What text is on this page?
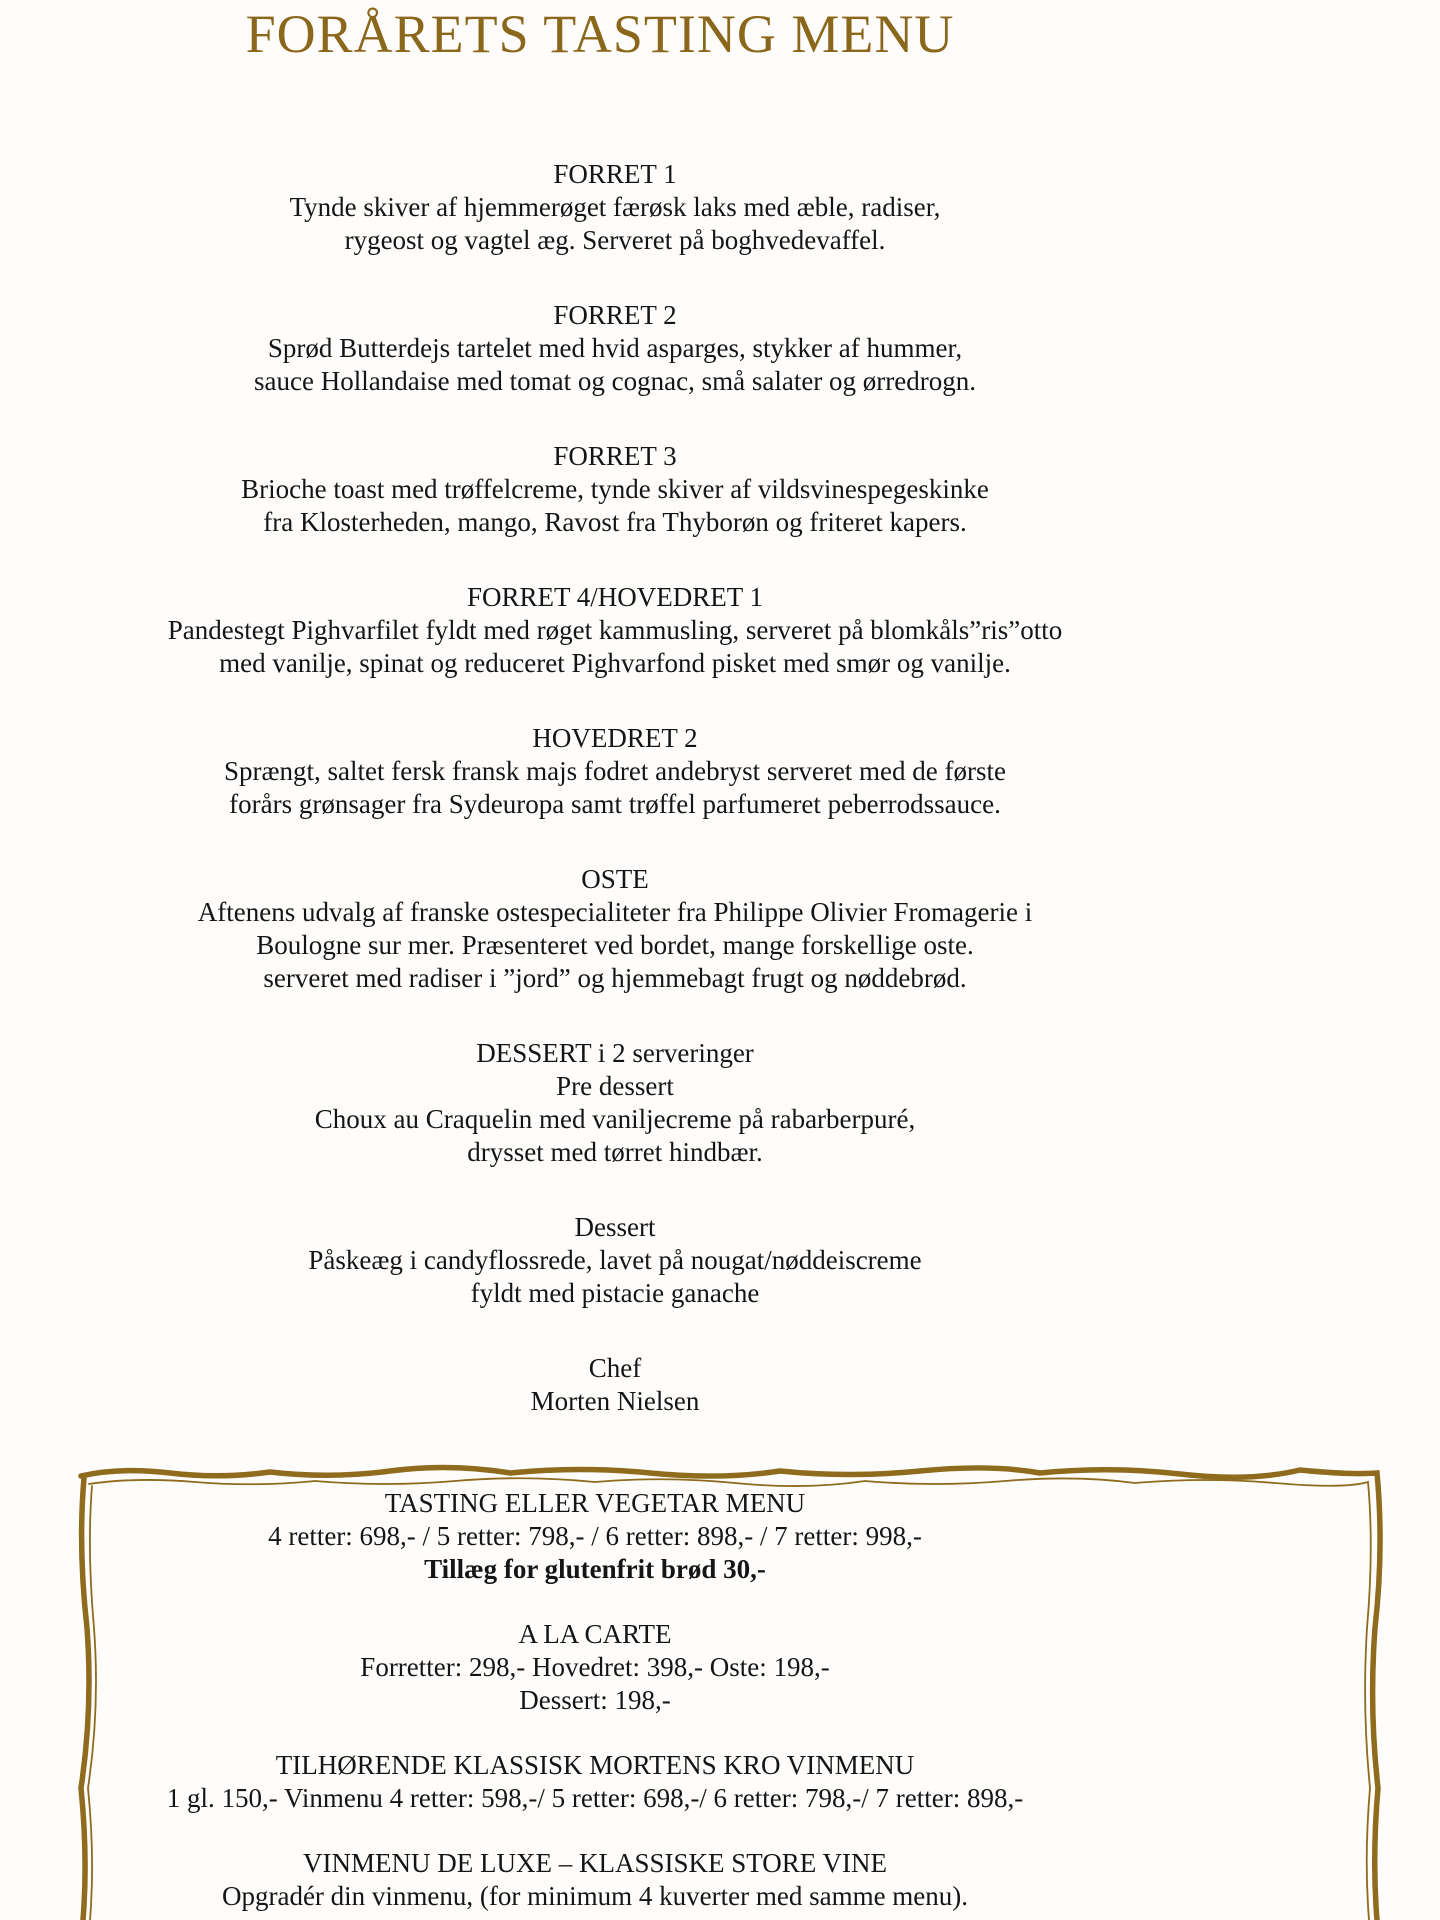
FORÅRETS TASTING MENU
FORRET 1
Tynde skiver af hjemmerøget færøsk laks med æble, radiser,
rygeost og vagtel æg. Serveret på boghvedevaffel.
FORRET 2
Sprød Butterdejs tartelet med hvid asparges, stykker af hummer,
sauce Hollandaise med tomat og cognac, små salater og ørredrogn.
FORRET 3
Brioche toast med trøffelcreme, tynde skiver af vildsvinespegeskinke
fra Klosterheden, mango, Ravost fra Thyborøn og friteret kapers.
FORRET 4/HOVEDRET 1
Pandestegt Pighvarfilet fyldt med røget kammusling, serveret på blomkåls”ris”otto
med vanilje, spinat og reduceret Pighvarfond pisket med smør og vanilje.
HOVEDRET 2
Sprængt, saltet fersk fransk majs fodret andebryst serveret med de første
forårs grønsager fra Sydeuropa samt trøffel parfumeret peberrodssauce.
OSTE
Aftenens udvalg af franske ostespecialiteter fra Philippe Olivier Fromagerie i
Boulogne sur mer. Præsenteret ved bordet, mange forskellige oste.
serveret med radiser i ”jord” og hjemmebagt frugt og nøddebrød.
DESSERT i 2 serveringer
Pre dessert
Choux au Craquelin med vaniljecreme på rabarberpuré,
drysset med tørret hindbær.
Dessert
Påskeæg i candyflossrede, lavet på nougat/nøddeiscreme
fyldt med pistacie ganache
Chef
Morten Nielsen
TASTING ELLER VEGETAR MENU
4 retter: 698,- / 5 retter: 798,- / 6 retter: 898,- / 7 retter: 998,-
Tillæg for glutenfrit brød 30,-
A LA CARTE
Forretter: 298,- Hovedret: 398,- Oste: 198,-
Dessert: 198,-
TILHØRENDE KLASSISK MORTENS KRO VINMENU
1 gl. 150,- Vinmenu 4 retter: 598,-/ 5 retter: 698,-/ 6 retter: 798,-/ 7 retter: 898,-
VINMENU DE LUXE – KLASSISKE STORE VINE
Opgradér din vinmenu, (for minimum 4 kuverter med samme menu).
